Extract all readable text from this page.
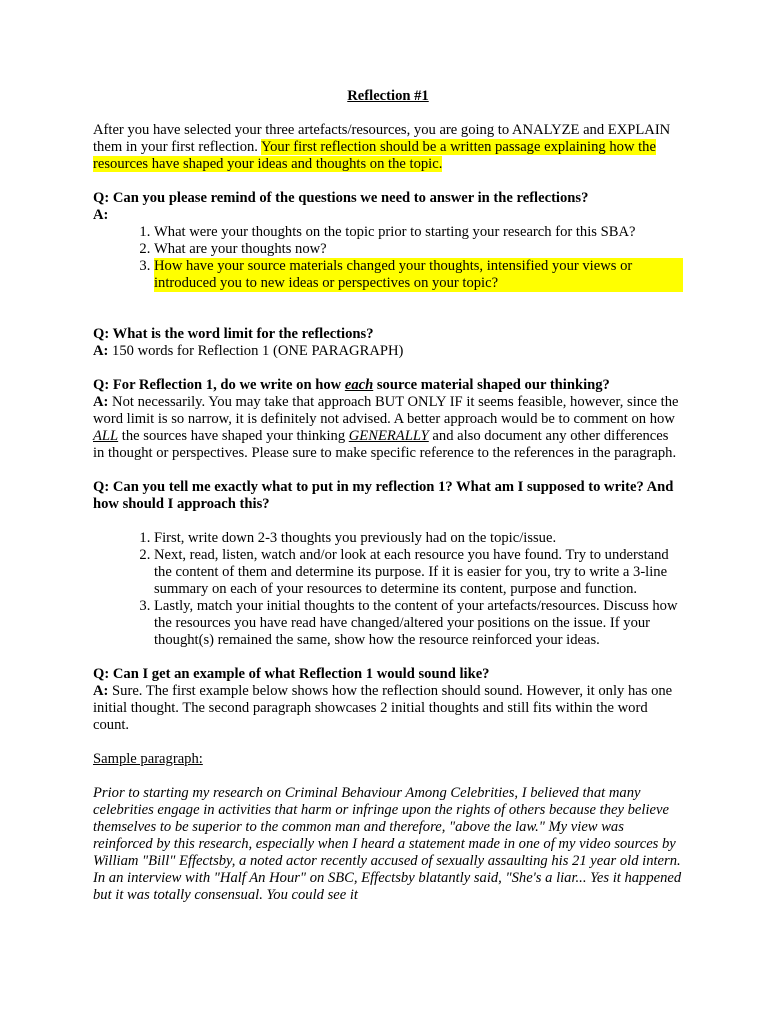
Reflection #1

After you have selected your three artefacts/resources, you are going to ANALYZE and EXPLAIN them in your first reflection. Your first reflection should be a written passage explaining how the resources have shaped your ideas and thoughts on the topic.

Q: Can you please remind of the questions we need to answer in the reflections?

A:

1. What were your thoughts on the topic prior to starting your research for this SBA?
2. What are your thoughts now?
3. How have your source materials changed your thoughts, intensified your views or introduced you to new ideas or perspectives on your topic?

Q: What is the word limit for the reflections?

A: 150 words for Reflection 1 (ONE PARAGRAPH)

Q: For Reflection 1, do we write on how each source material shaped our thinking?

A: Not necessarily. You may take that approach BUT ONLY IF it seems feasible, however, since the word limit is so narrow, it is definitely not advised. A better approach would be to comment on how ALL the sources have shaped your thinking GENERALLY and also document any other differences in thought or perspectives. Please sure to make specific reference to the references in the paragraph.

Q: Can you tell me exactly what to put in my reflection 1? What am I supposed to write? And how should I approach this?

1. First, write down 2-3 thoughts you previously had on the topic/issue.
2. Next, read, listen, watch and/or look at each resource you have found. Try to understand the content of them and determine its purpose. If it is easier for you, try to write a 3-line summary on each of your resources to determine its content, purpose and function.
3. Lastly, match your initial thoughts to the content of your artefacts/resources. Discuss how the resources you have read have changed/altered your positions on the issue. If your thought(s) remained the same, show how the resource reinforced your ideas.

Q: Can I get an example of what Reflection 1 would sound like?

A: Sure. The first example below shows how the reflection should sound. However, it only has one initial thought. The second paragraph showcases 2 initial thoughts and still fits within the word count.

Sample paragraph:

Prior to starting my research on Criminal Behaviour Among Celebrities, I believed that many celebrities engage in activities that harm or infringe upon the rights of others because they believe themselves to be superior to the common man and therefore, "above the law." My view was reinforced by this research, especially when I heard a statement made in one of my video sources by William "Bill" Effectsby, a noted actor recently accused of sexually assaulting his 21 year old intern. In an interview with "Half An Hour" on SBC, Effectsby blatantly said, "She's a liar... Yes it happened but it was totally consensual. You could see it
